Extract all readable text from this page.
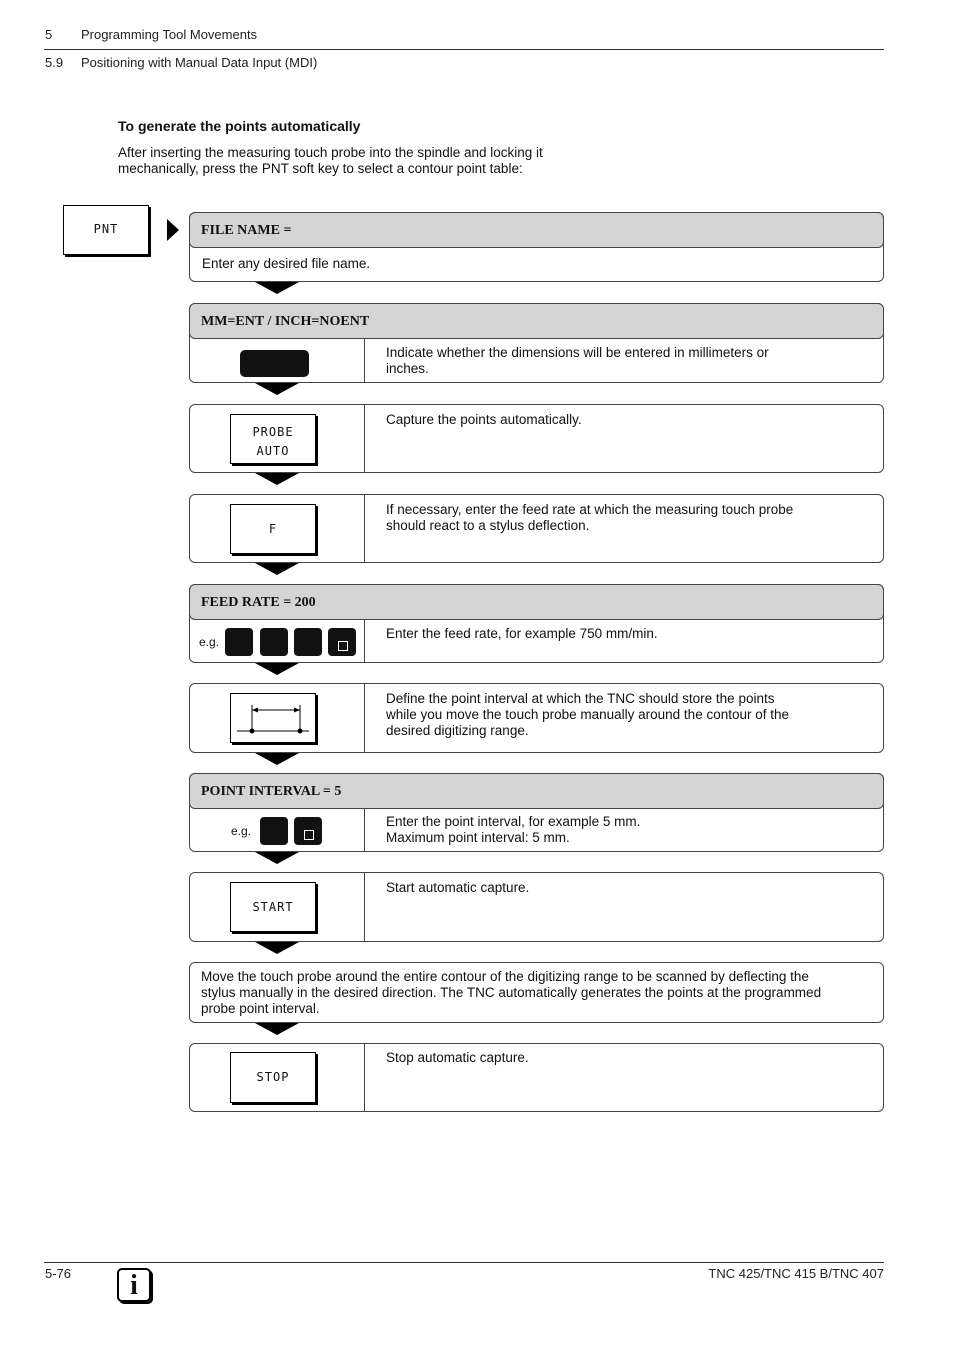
5 Programming Tool Movements
5.9 Positioning with Manual Data Input (MDI)
To generate the points automatically
After inserting the measuring touch probe into the spindle and locking it
mechanically, press the PNT soft key to select a contour point table:
PNT	FILE NAME =
Enter any desired file name.
MM=ENT / INCH=NOENT
Indicate whether the dimensions will be entered in millimeters or
inches.
PROBE
AUTO
Capture the points automatically.
F
If necessary, enter the feed rate at which the measuring touch probe
should react to a stylus deflection.
FEED RATE = 200
e.g.
Enter the feed rate, for example 750 mm/min.
Define the point interval at which the TNC should store the points
while you move the touch probe manually around the contour of the
desired digitizing range.
POINT INTERVAL = 5
e.g.
Enter the point interval, for example 5 mm.
Maximum point interval: 5 mm.
START
Start automatic capture.
Move the touch probe around the entire contour of the digitizing range to be scanned by deflecting the
stylus manually in the desired direction. The TNC automatically generates the points at the programmed
probe point interval.
STOP
Stop automatic capture.
5-76	i	TNC 425/TNC 415 B/TNC 407
